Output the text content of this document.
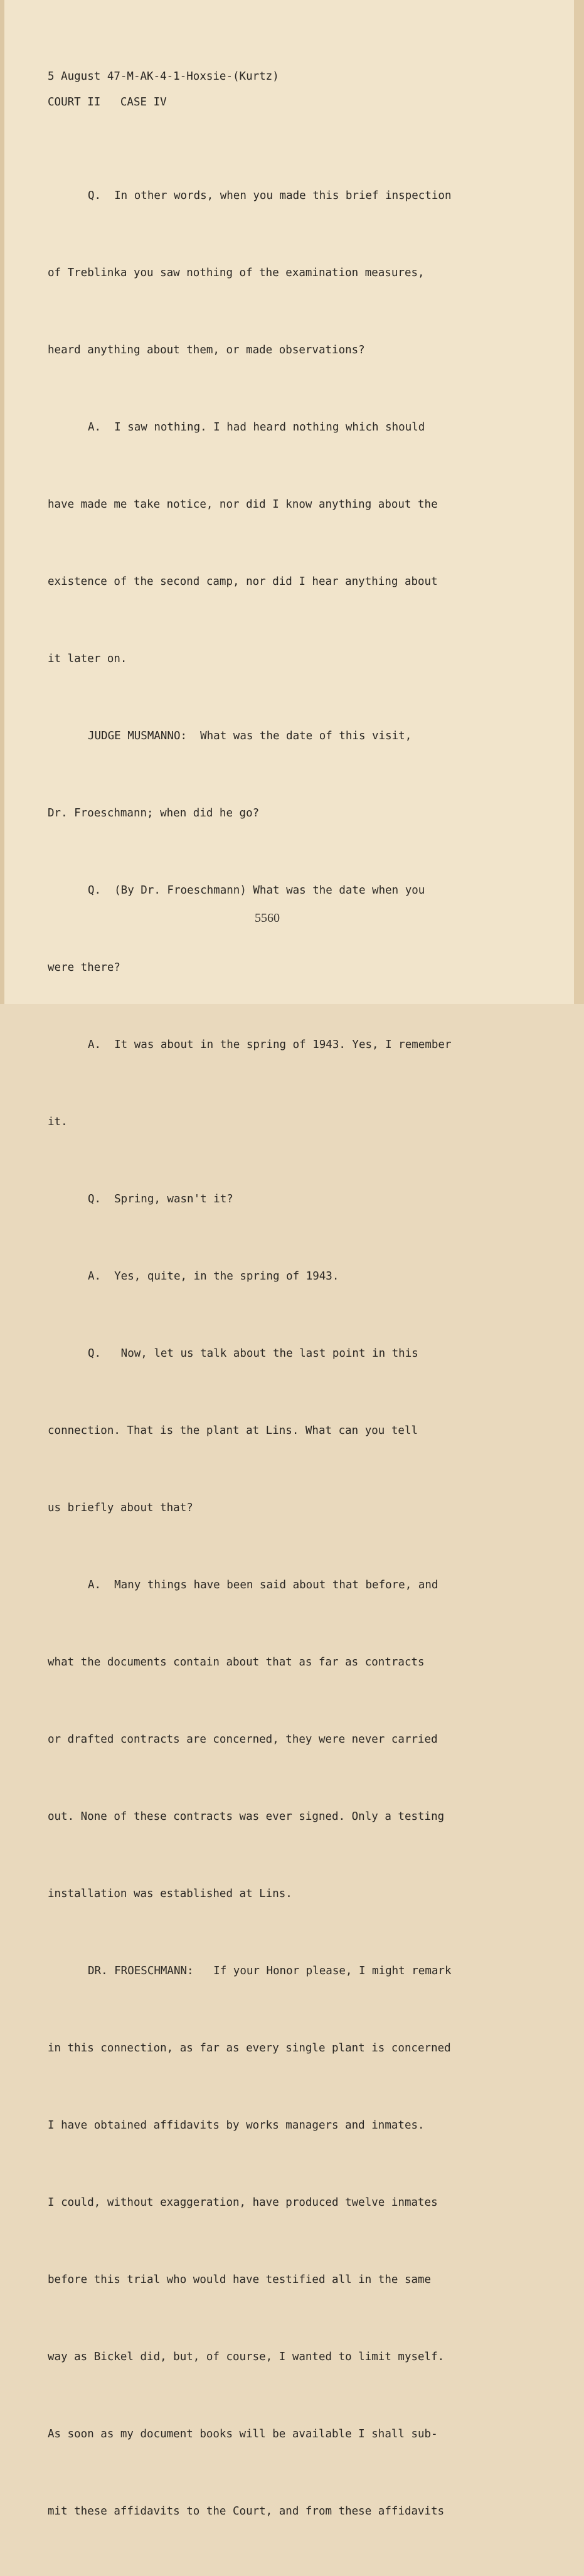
5 August 47-M-AK-4-1-Hoxsie-(Kurtz)
COURT II   CASE IV

Q.  In other words, when you made this brief inspection

of Treblinka you saw nothing of the examination measures,

heard anything about them, or made observations?

A.  I saw nothing. I had heard nothing which should

have made me take notice, nor did I know anything about the

existence of the second camp, nor did I hear anything about

it later on.

JUDGE MUSMANNO:  What was the date of this visit,

Dr. Froeschmann; when did he go?

Q.  (By Dr. Froeschmann) What was the date when you

were there?

A.  It was about in the spring of 1943. Yes, I remember

it.

Q.  Spring, wasn't it?

A.  Yes, quite, in the spring of 1943.

Q.   Now, let us talk about the last point in this

connection. That is the plant at Lins. What can you tell

us briefly about that?

A.  Many things have been said about that before, and

what the documents contain about that as far as contracts

or drafted contracts are concerned, they were never carried

out. None of these contracts was ever signed. Only a testing

installation was established at Lins.

DR. FROESCHMANN:   If your Honor please, I might remark

in this connection, as far as every single plant is concerned

I have obtained affidavits by works managers and inmates.

I could, without exaggeration, have produced twelve inmates

before this trial who would have testified all in the same

way as Bickel did, but, of course, I wanted to limit myself.

As soon as my document books will be available I shall sub-

mit these affidavits to the Court, and from these affidavits

5560
